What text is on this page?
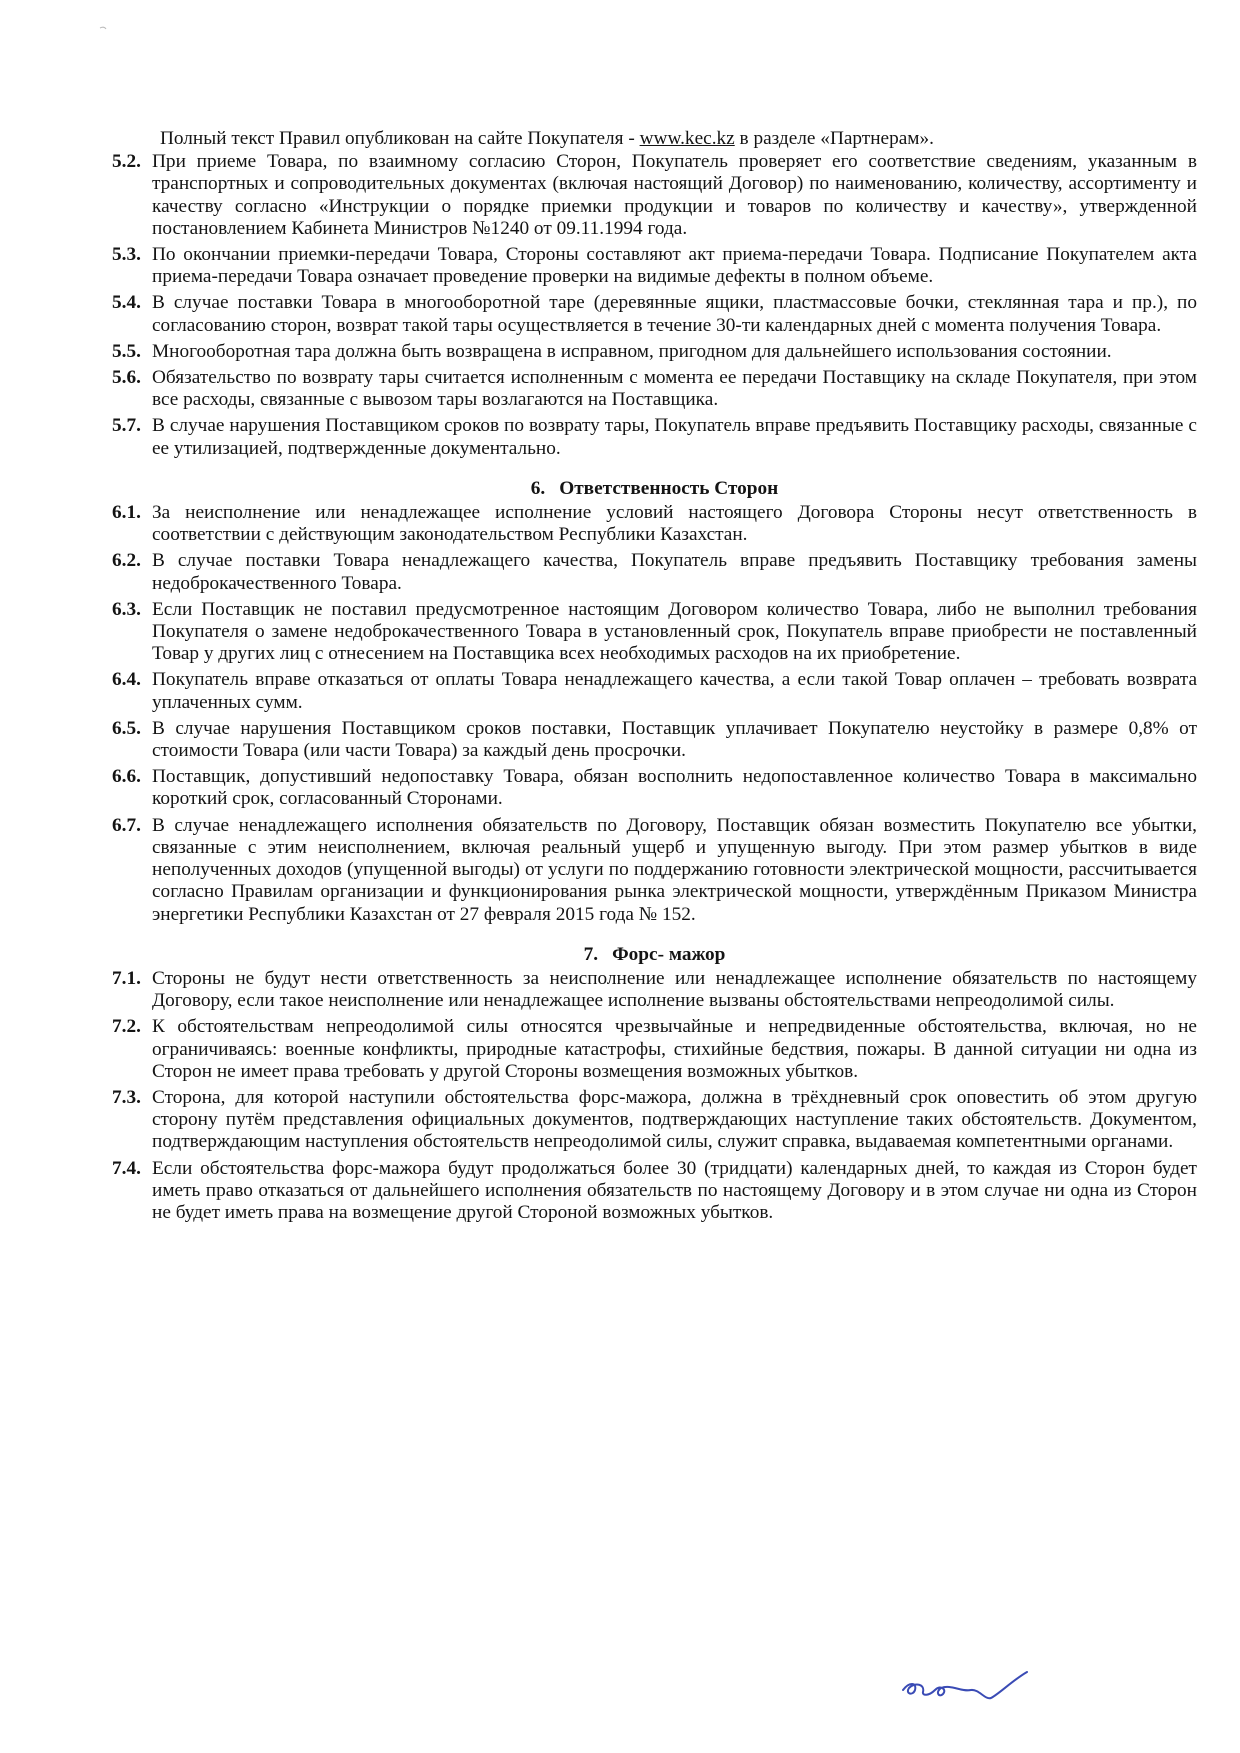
Полный текст Правил опубликован на сайте Покупателя - www.kec.kz в разделе «Партнерам».
5.2. При приеме Товара, по взаимному согласию Сторон, Покупатель проверяет его соответствие сведениям, указанным в транспортных и сопроводительных документах (включая настоящий Договор) по наименованию, количеству, ассортименту и качеству согласно «Инструкции о порядке приемки продукции и товаров по количеству и качеству», утвержденной постановлением Кабинета Министров №1240 от 09.11.1994 года.
5.3. По окончании приемки-передачи Товара, Стороны составляют акт приема-передачи Товара. Подписание Покупателем акта приема-передачи Товара означает проведение проверки на видимые дефекты в полном объеме.
5.4. В случае поставки Товара в многооборотной таре (деревянные ящики, пластмассовые бочки, стеклянная тара и пр.), по согласованию сторон, возврат такой тары осуществляется в течение 30-ти календарных дней с момента получения Товара.
5.5. Многооборотная тара должна быть возвращена в исправном, пригодном для дальнейшего использования состоянии.
5.6. Обязательство по возврату тары считается исполненным с момента ее передачи Поставщику на складе Покупателя, при этом все расходы, связанные с вывозом тары возлагаются на Поставщика.
5.7. В случае нарушения Поставщиком сроков по возврату тары, Покупатель вправе предъявить Поставщику расходы, связанные с ее утилизацией, подтвержденные документально.
6. Ответственность Сторон
6.1. За неисполнение или ненадлежащее исполнение условий настоящего Договора Стороны несут ответственность в соответствии с действующим законодательством Республики Казахстан.
6.2. В случае поставки Товара ненадлежащего качества, Покупатель вправе предъявить Поставщику требования замены недоброкачественного Товара.
6.3. Если Поставщик не поставил предусмотренное настоящим Договором количество Товара, либо не выполнил требования Покупателя о замене недоброкачественного Товара в установленный срок, Покупатель вправе приобрести не поставленный Товар у других лиц с отнесением на Поставщика всех необходимых расходов на их приобретение.
6.4. Покупатель вправе отказаться от оплаты Товара ненадлежащего качества, а если такой Товар оплачен – требовать возврата уплаченных сумм.
6.5. В случае нарушения Поставщиком сроков поставки, Поставщик уплачивает Покупателю неустойку в размере 0,8% от стоимости Товара (или части Товара) за каждый день просрочки.
6.6. Поставщик, допустивший недопоставку Товара, обязан восполнить недопоставленное количество Товара в максимально короткий срок, согласованный Сторонами.
6.7. В случае ненадлежащего исполнения обязательств по Договору, Поставщик обязан возместить Покупателю все убытки, связанные с этим неисполнением, включая реальный ущерб и упущенную выгоду. При этом размер убытков в виде неполученных доходов (упущенной выгоды) от услуги по поддержанию готовности электрической мощности, рассчитывается согласно Правилам организации и функционирования рынка электрической мощности, утверждённым Приказом Министра энергетики Республики Казахстан от 27 февраля 2015 года № 152.
7. Форс- мажор
7.1. Стороны не будут нести ответственность за неисполнение или ненадлежащее исполнение обязательств по настоящему Договору, если такое неисполнение или ненадлежащее исполнение вызваны обстоятельствами непреодолимой силы.
7.2. К обстоятельствам непреодолимой силы относятся чрезвычайные и непредвиденные обстоятельства, включая, но не ограничиваясь: военные конфликты, природные катастрофы, стихийные бедствия, пожары. В данной ситуации ни одна из Сторон не имеет права требовать у другой Стороны возмещения возможных убытков.
7.3. Сторона, для которой наступили обстоятельства форс-мажора, должна в трёхдневный срок оповестить об этом другую сторону путём представления официальных документов, подтверждающих наступление таких обстоятельств. Документом, подтверждающим наступления обстоятельств непреодолимой силы, служит справка, выдаваемая компетентными органами.
7.4. Если обстоятельства форс-мажора будут продолжаться более 30 (тридцати) календарных дней, то каждая из Сторон будет иметь право отказаться от дальнейшего исполнения обязательств по настоящему Договору и в этом случае ни одна из Сторон не будет иметь права на возмещение другой Стороной возможных убытков.
